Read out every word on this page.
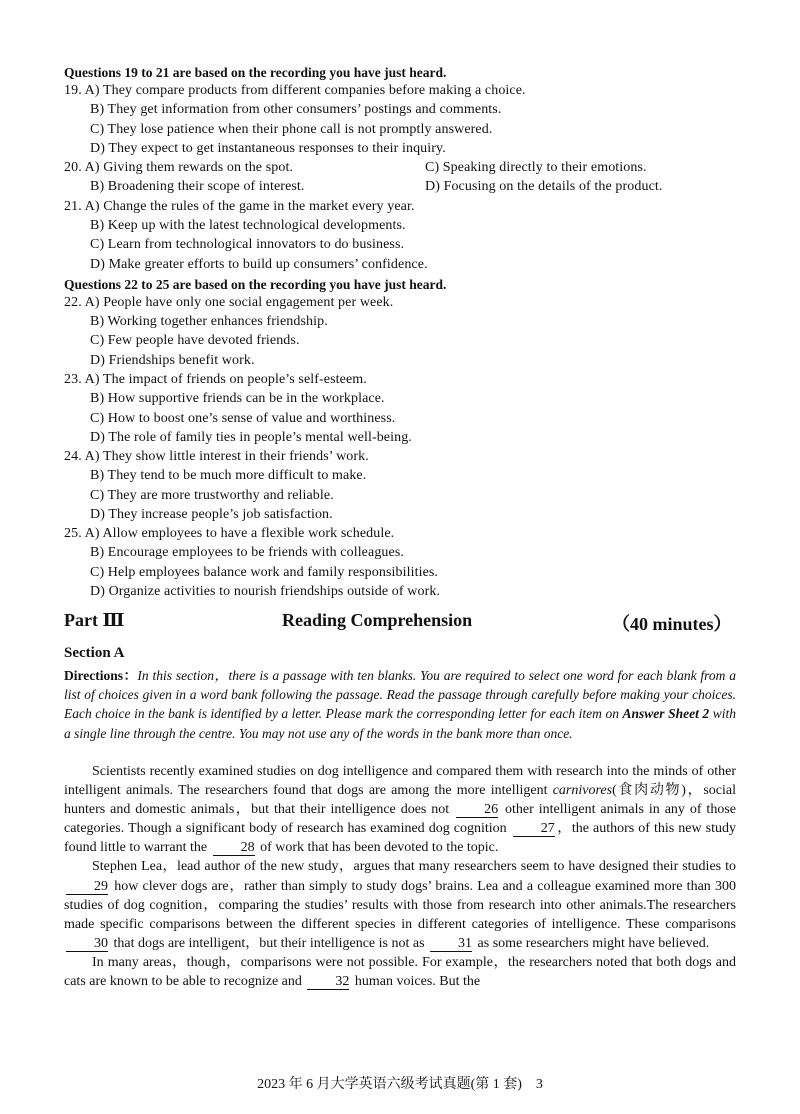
Questions 19 to 21 are based on the recording you have just heard.
19. A) They compare products from different companies before making a choice.
B) They get information from other consumers’ postings and comments.
C) They lose patience when their phone call is not promptly answered.
D) They expect to get instantaneous responses to their inquiry.
20. A) Giving them rewards on the spot.	C) Speaking directly to their emotions.
B) Broadening their scope of interest.	D) Focusing on the details of the product.
21. A) Change the rules of the game in the market every year.
B) Keep up with the latest technological developments.
C) Learn from technological innovators to do business.
D) Make greater efforts to build up consumers’ confidence.
Questions 22 to 25 are based on the recording you have just heard.
22. A) People have only one social engagement per week.
B) Working together enhances friendship.
C) Few people have devoted friends.
D) Friendships benefit work.
23. A) The impact of friends on people’s self-esteem.
B) How supportive friends can be in the workplace.
C) How to boost one’s sense of value and worthiness.
D) The role of family ties in people’s mental well-being.
24. A) They show little interest in their friends’ work.
B) They tend to be much more difficult to make.
C) They are more trustworthy and reliable.
D) They increase people’s job satisfaction.
25. A) Allow employees to have a flexible work schedule.
B) Encourage employees to be friends with colleagues.
C) Help employees balance work and family responsibilities.
D) Organize activities to nourish friendships outside of work.
Part Ⅲ	Reading Comprehension	（40 minutes）
Section A
Directions：In this section，there is a passage with ten blanks. You are required to select one word for each blank from a list of choices given in a word bank following the passage. Read the passage through carefully before making your choices. Each choice in the bank is identified by a letter. Please mark the corresponding letter for each item on Answer Sheet 2 with a single line through the centre. You may not use any of the words in the bank more than once.

Scientists recently examined studies on dog intelligence and compared them with research into the minds of other intelligent animals. The researchers found that dogs are among the more intelligent carnivores(食肉动物)，social hunters and domestic animals，but that their intelligence does not 26 other intelligent animals in any of those categories. Though a significant body of research has examined dog cognition 27 ，the authors of this new study found little to warrant the 28 of work that has been devoted to the topic.

Stephen Lea，lead author of the new study，argues that many researchers seem to have designed their studies to 29 how clever dogs are，rather than simply to study dogs’ brains. Lea and a colleague examined more than 300 studies of dog cognition，comparing the studies’ results with those from research into other animals.The researchers made specific comparisons between the different species in different categories of intelligence. These comparisons30 that dogs are intelligent，but their intelligence is not as 31 as some researchers might have believed.

In many areas，though，comparisons were not possible. For example，the researchers noted that both dogs and cats are known to be able to recognize and 32 human voices. But the

2023 年 6 月大学英语六级考试真题(第 1 套)　3
